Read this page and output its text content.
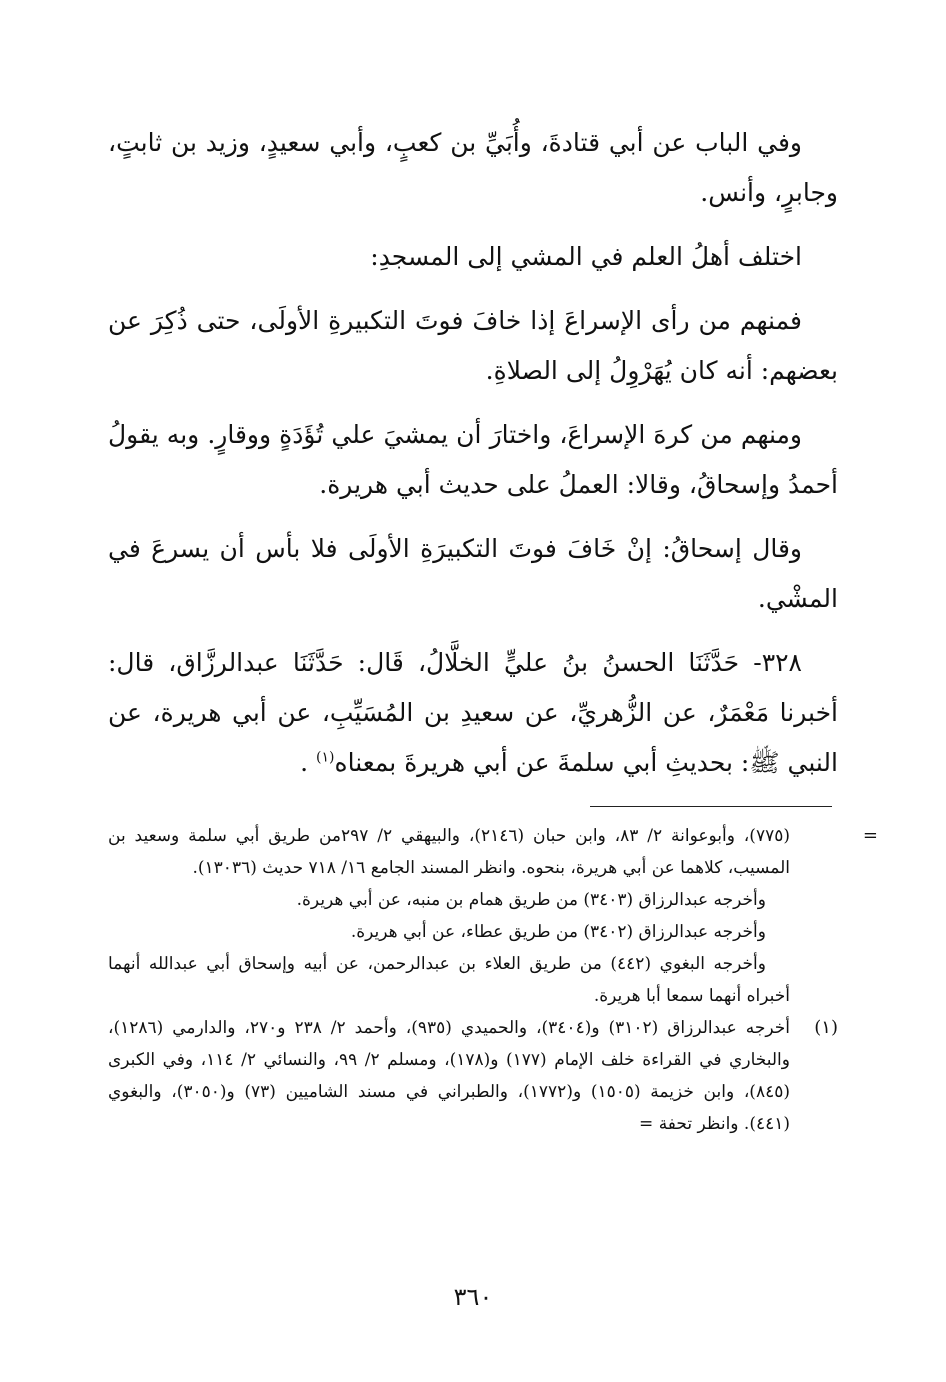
وفي الباب عن أبي قتادةَ، وأُبَيِّ بن كعبٍ، وأبي سعيدٍ، وزيد بن ثابتٍ، وجابرٍ، وأنس.

اختلف أهلُ العلم في المشي إلى المسجدِ:

فمنهم من رأى الإسراعَ إذا خافَ فوتَ التكبيرةِ الأولَى، حتى ذُكِرَ عن بعضهم: أنه كان يُهَرْوِلُ إلى الصلاةِ.

ومنهم من كرهَ الإسراعَ، واختارَ أن يمشيَ علي تُؤَدَةٍ ووقارٍ. وبه يقولُ أحمدُ وإسحاقُ، وقالا: العملُ على حديث أبي هريرة.

وقال إسحاقُ: إنْ خَافَ فوتَ التكبيرَةِ الأولَى فلا بأس أن يسرعَ في المشْي.

٣٢٨- حَدَّثَنَا الحسنُ بنُ عليٍّ الخلَّالُ، قَال: حَدَّثَنَا عبدالرزَّاق، قال: أخبرنا مَعْمَرٌ، عن الزُّهريِّ، عن سعيدِ بن المُسَيِّبِ، عن أبي هريرة، عن النبي ﷺ: بحديثِ أبي سلمةَ عن أبي هريرةَ بمعناه$^{(١)}$ .

=
(٧٧٥)، وأبوعوانة ٢/ ٨٣، وابن حبان (٢١٤٦)، والبيهقي ٢/ ٢٩٧من طريق أبي سلمة وسعيد بن المسيب، كلاهما عن أبي هريرة، بنحوه. وانظر المسند الجامع ١٦/ ٧١٨ حديث (١٣٠٣٦).

وأخرجه عبدالرزاق (٣٤٠٣) من طريق همام بن منبه، عن أبي هريرة.

وأخرجه عبدالرزاق (٣٤٠٢) من طريق عطاء، عن أبي هريرة.

وأخرجه البغوي (٤٤٢) من طريق العلاء بن عبدالرحمن، عن أبيه وإسحاق أبي عبدالله أنهما أخبراه أنهما سمعا أبا هريرة.

(١)
أخرجه عبدالرزاق (٣١٠٢) و(٣٤٠٤)، والحميدي (٩٣٥)، وأحمد ٢/ ٢٣٨ و٢٧٠، والدارمي (١٢٨٦)، والبخاري في القراءة خلف الإمام (١٧٧) و(١٧٨)، ومسلم ٢/ ٩٩، والنسائي ٢/ ١١٤، وفي الكبرى (٨٤٥)، وابن خزيمة (١٥٠٥) و(١٧٧٢)، والطبراني في مسند الشاميين (٧٣) و(٣٠٥٠)، والبغوي (٤٤١). وانظر تحفة =

٣٦٠
